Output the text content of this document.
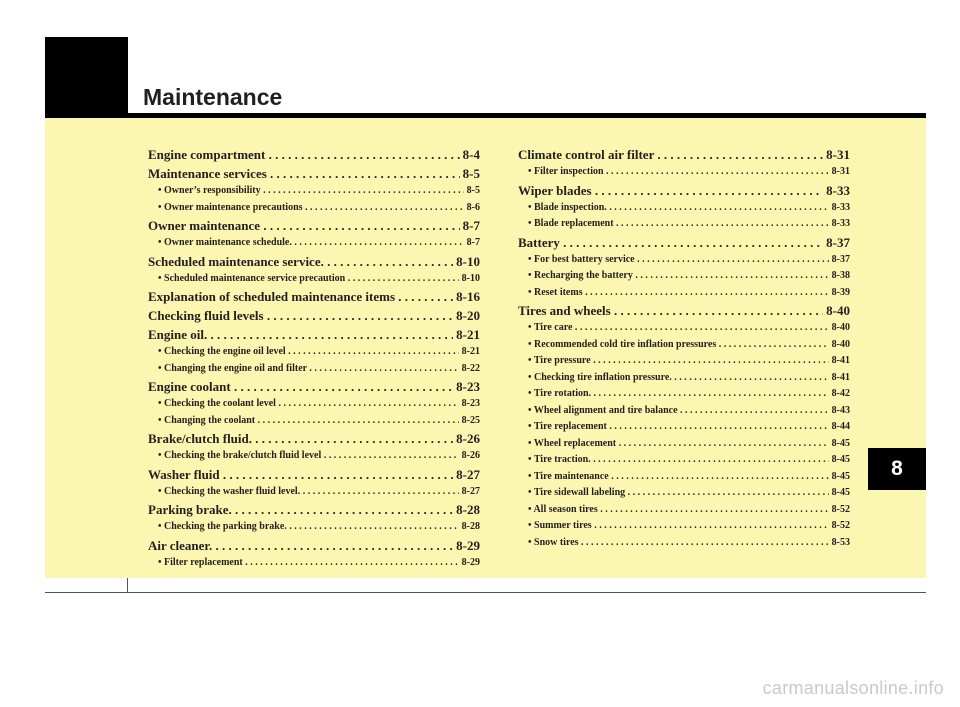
Maintenance
Engine compartment . . .	8-4
Maintenance services . . .	8-5
• Owner’s responsibility . . .	8-5
• Owner maintenance precautions . . .	8-6
Owner maintenance . . .	8-7
• Owner maintenance schedule. . . .	8-7
Scheduled maintenance service. . . .	8-10
• Scheduled maintenance service precaution . . .	8-10
Explanation of scheduled maintenance items . . .	8-16
Checking fluid levels . . .	8-20
Engine oil. . . .	8-21
• Checking the engine oil level . . .	8-21
• Changing the engine oil and filter . . .	8-22
Engine coolant . . .	8-23
• Checking the coolant level . . .	8-23
• Changing the coolant . . .	8-25
Brake/clutch fluid. . . .	8-26
• Checking the brake/clutch fluid level . . .	8-26
Washer fluid . . .	8-27
• Checking the washer fluid level. . . .	8-27
Parking brake. . . .	8-28
• Checking the parking brake. . . .	8-28
Air cleaner. . . .	8-29
• Filter replacement . . .	8-29
Climate control air filter . . .	8-31
• Filter inspection . . .	8-31
Wiper blades . . .	8-33
• Blade inspection. . . .	8-33
• Blade replacement . . .	8-33
Battery . . .	8-37
• For best battery service . . .	8-37
• Recharging the battery . . .	8-38
• Reset items . . .	8-39
Tires and wheels . . .	8-40
• Tire care . . .	8-40
• Recommended cold tire inflation pressures . . .	8-40
• Tire pressure . . .	8-41
• Checking tire inflation pressure. . . .	8-41
• Tire rotation. . . .	8-42
• Wheel alignment and tire balance . . .	8-43
• Tire replacement . . .	8-44
• Wheel replacement . . .	8-45
• Tire traction. . . .	8-45
• Tire maintenance . . .	8-45
• Tire sidewall labeling . . .	8-45
• All season tires . . .	8-52
• Summer tires . . .	8-52
• Snow tires . . .	8-53
8
carmanualsonline.info
